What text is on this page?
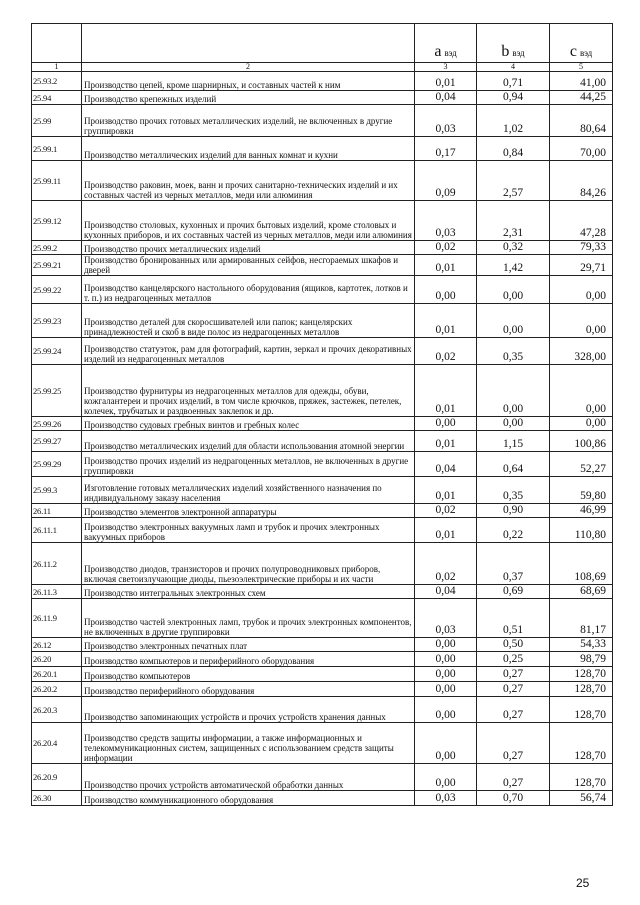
		a вэд	b вэд	c вэд
1	2	3	4	5
25.93.2	Производство цепей, кроме шарнирных, и составных частей к ним	0,01	0,71	41,00
25.94	Производство крепежных изделий	0,04	0,94	44,25
25.99	Производство прочих готовых металлических изделий, не включенных в другие группировки	0,03	1,02	80,64
25.99.1	Производство металлических изделий для ванных комнат и кухни	0,17	0,84	70,00
25.99.11	Производство раковин, моек, ванн и прочих санитарно-технических изделий и их составных частей из черных металлов, меди или алюминия	0,09	2,57	84,26
25.99.12	Производство столовых, кухонных и прочих бытовых изделий, кроме столовых и кухонных приборов, и их составных частей из черных металлов, меди или алюминия	0,03	2,31	47,28
25.99.2	Производство прочих металлических изделий	0,02	0,32	79,33
25.99.21	Производство бронированных или армированных сейфов, несгораемых шкафов и дверей	0,01	1,42	29,71
25.99.22	Производство канцелярского настольного оборудования (ящиков, картотек, лотков и т. п.) из недрагоценных металлов	0,00	0,00	0,00
25.99.23	Производство деталей для скоросшивателей или папок; канцелярских принадлежностей и скоб в виде полос из недрагоценных металлов	0,01	0,00	0,00
25.99.24	Производство статуэток, рам для фотографий, картин, зеркал и прочих декоративных изделий из недрагоценных металлов	0,02	0,35	328,00
25.99.25	Производство фурнитуры из недрагоценных металлов для одежды, обуви, кожгалантереи и прочих изделий, в том числе крючков, пряжек, застежек, петелек, колечек, трубчатых и раздвоенных заклепок и др.	0,01	0,00	0,00
25.99.26	Производство судовых гребных винтов и гребных колес	0,00	0,00	0,00
25.99.27	Производство металлических изделий для области использования атомной энергии	0,01	1,15	100,86
25.99.29	Производство прочих изделий из недрагоценных металлов, не включенных в другие группировки	0,04	0,64	52,27
25.99.3	Изготовление готовых металлических изделий хозяйственного назначения по индивидуальному заказу населения	0,01	0,35	59,80
26.11	Производство элементов электронной аппаратуры	0,02	0,90	46,99
26.11.1	Производство электронных вакуумных ламп и трубок и прочих электронных вакуумных приборов	0,01	0,22	110,80
26.11.2	Производство диодов, транзисторов и прочих полупроводниковых приборов, включая светоизлучающие диоды, пьезоэлектрические приборы и их части	0,02	0,37	108,69
26.11.3	Производство интегральных электронных схем	0,04	0,69	68,69
26.11.9	Производство частей электронных ламп, трубок и прочих электронных компонентов, не включенных в другие группировки	0,03	0,51	81,17
26.12	Производство электронных печатных плат	0,00	0,50	54,33
26.20	Производство компьютеров и периферийного оборудования	0,00	0,25	98,79
26.20.1	Производство компьютеров	0,00	0,27	128,70
26.20.2	Производство периферийного оборудования	0,00	0,27	128,70
26.20.3	Производство запоминающих устройств и прочих устройств хранения данных	0,00	0,27	128,70
26.20.4	Производство средств защиты информации, а также информационных и телекоммуникационных систем, защищенных с использованием средств защиты информации	0,00	0,27	128,70
26.20.9	Производство прочих устройств автоматической обработки данных	0,00	0,27	128,70
26.30	Производство коммуникационного оборудования	0,03	0,70	56,74
25
